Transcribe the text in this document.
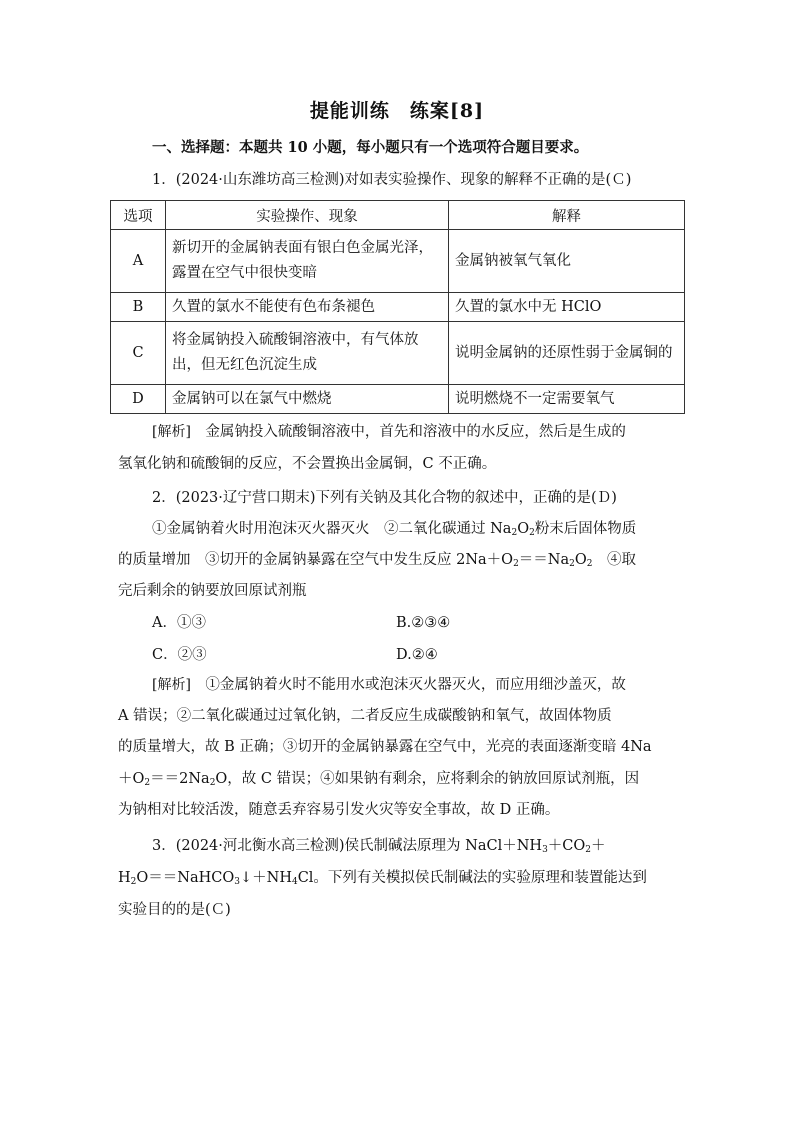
提能训练　练案[8]
一、选择题：本题共 10 小题，每小题只有一个选项符合题目要求。
1．(2024·山东潍坊高三检测)对如表实验操作、现象的解释不正确的是(Ｃ)
选项	实验操作、现象	解释
A	新切开的金属钠表面有银白色金属光泽，露置在空气中很快变暗	金属钠被氧气氧化
B	久置的氯水不能使有色布条褪色	久置的氯水中无 HClO
C	将金属钠投入硫酸铜溶液中，有气体放出，但无红色沉淀生成	说明金属钠的还原性弱于金属铜的
D	金属钠可以在氯气中燃烧	说明燃烧不一定需要氧气
[解析]　金属钠投入硫酸铜溶液中，首先和溶液中的水反应，然后是生成的
氢氧化钠和硫酸铜的反应，不会置换出金属铜，C 不正确。
2．(2023·辽宁营口期末)下列有关钠及其化合物的叙述中，正确的是(Ｄ)
①金属钠着火时用泡沫灭火器灭火　②二氧化碳通过 $Na_2O_2$粉末后固体物质
的质量增加　③切开的金属钠暴露在空气中发生反应 $2Na+O_2==Na_2O_2$　④取
完后剩余的钠要放回原试剂瓶
A．①③	B.②③④
C．②③	D.②④
[解析]　①金属钠着火时不能用水或泡沫灭火器灭火，而应用细沙盖灭，故
A 错误；②二氧化碳通过过氧化钠，二者反应生成碳酸钠和氧气，故固体物质
的质量增大，故 B 正确；③切开的金属钠暴露在空气中，光亮的表面逐渐变暗 4Na
$+O_2==2Na_2O$，故 C 错误；④如果钠有剩余，应将剩余的钠放回原试剂瓶，因
为钠相对比较活泼，随意丢弃容易引发火灾等安全事故，故 D 正确。
3．(2024·河北衡水高三检测)侯氏制碱法原理为 $NaCl+NH_3+CO_2+$
$H_2O==NaHCO_3↓+NH_4Cl$。下列有关模拟侯氏制碱法的实验原理和装置能达到
实验目的的是(Ｃ)
